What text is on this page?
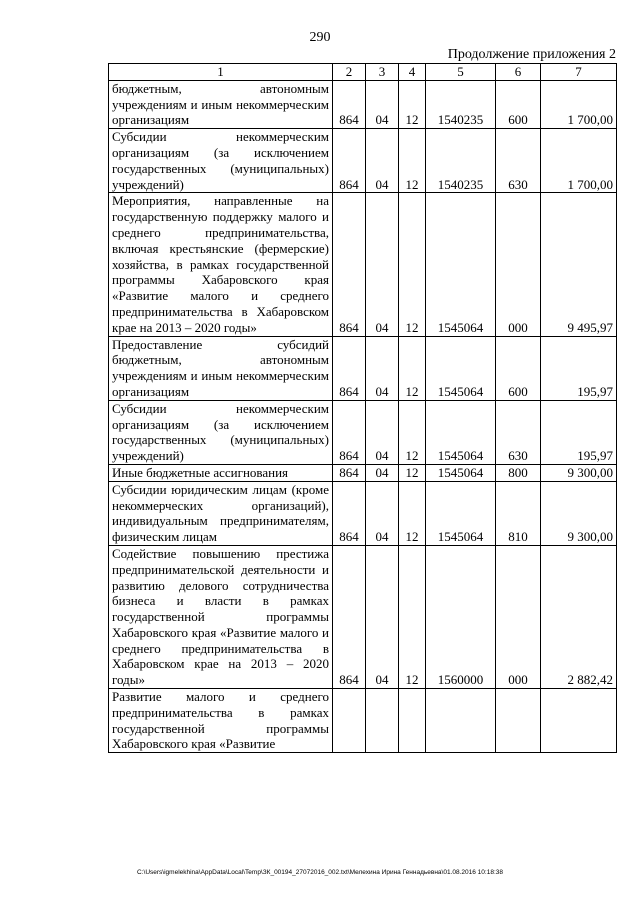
290
Продолжение приложения 2
1	2	3	4	5	6	7
бюджетным, автономным учреждениям и иным некоммерческим организациям	864	04	12	1540235	600	1 700,00
Субсидии некоммерческим организациям (за исключением государственных (муниципальных) учреждений)	864	04	12	1540235	630	1 700,00
Мероприятия, направленные на государственную поддержку малого и среднего предпринимательства, включая крестьянские (фермерские) хозяйства, в рамках государственной программы Хабаровского края «Развитие малого и среднего предпринимательства в Хабаровском крае на 2013 – 2020 годы»	864	04	12	1545064	000	9 495,97
Предоставление субсидий бюджетным, автономным учреждениям и иным некоммерческим организациям	864	04	12	1545064	600	195,97
Субсидии некоммерческим организациям (за исключением государственных (муниципальных) учреждений)	864	04	12	1545064	630	195,97
Иные бюджетные ассигнования	864	04	12	1545064	800	9 300,00
Субсидии юридическим лицам (кроме некоммерческих организаций), индивидуальным предпринимателям, физическим лицам	864	04	12	1545064	810	9 300,00
Содействие повышению престижа предпринимательской деятельности и развитию делового сотрудничества бизнеса и власти в рамках государственной программы Хабаровского края «Развитие малого и среднего предпринимательства в Хабаровском крае на 2013 – 2020 годы»	864	04	12	1560000	000	2 882,42
Развитие малого и среднего предпринимательства в рамках государственной программы Хабаровского края «Развитие						
C:\Users\igmelekhina\AppData\Local\Temp\ЗК_00194_27072016_002.txt\Мелехина Ирина Геннадьевна\01.08.2016 10:18:38
